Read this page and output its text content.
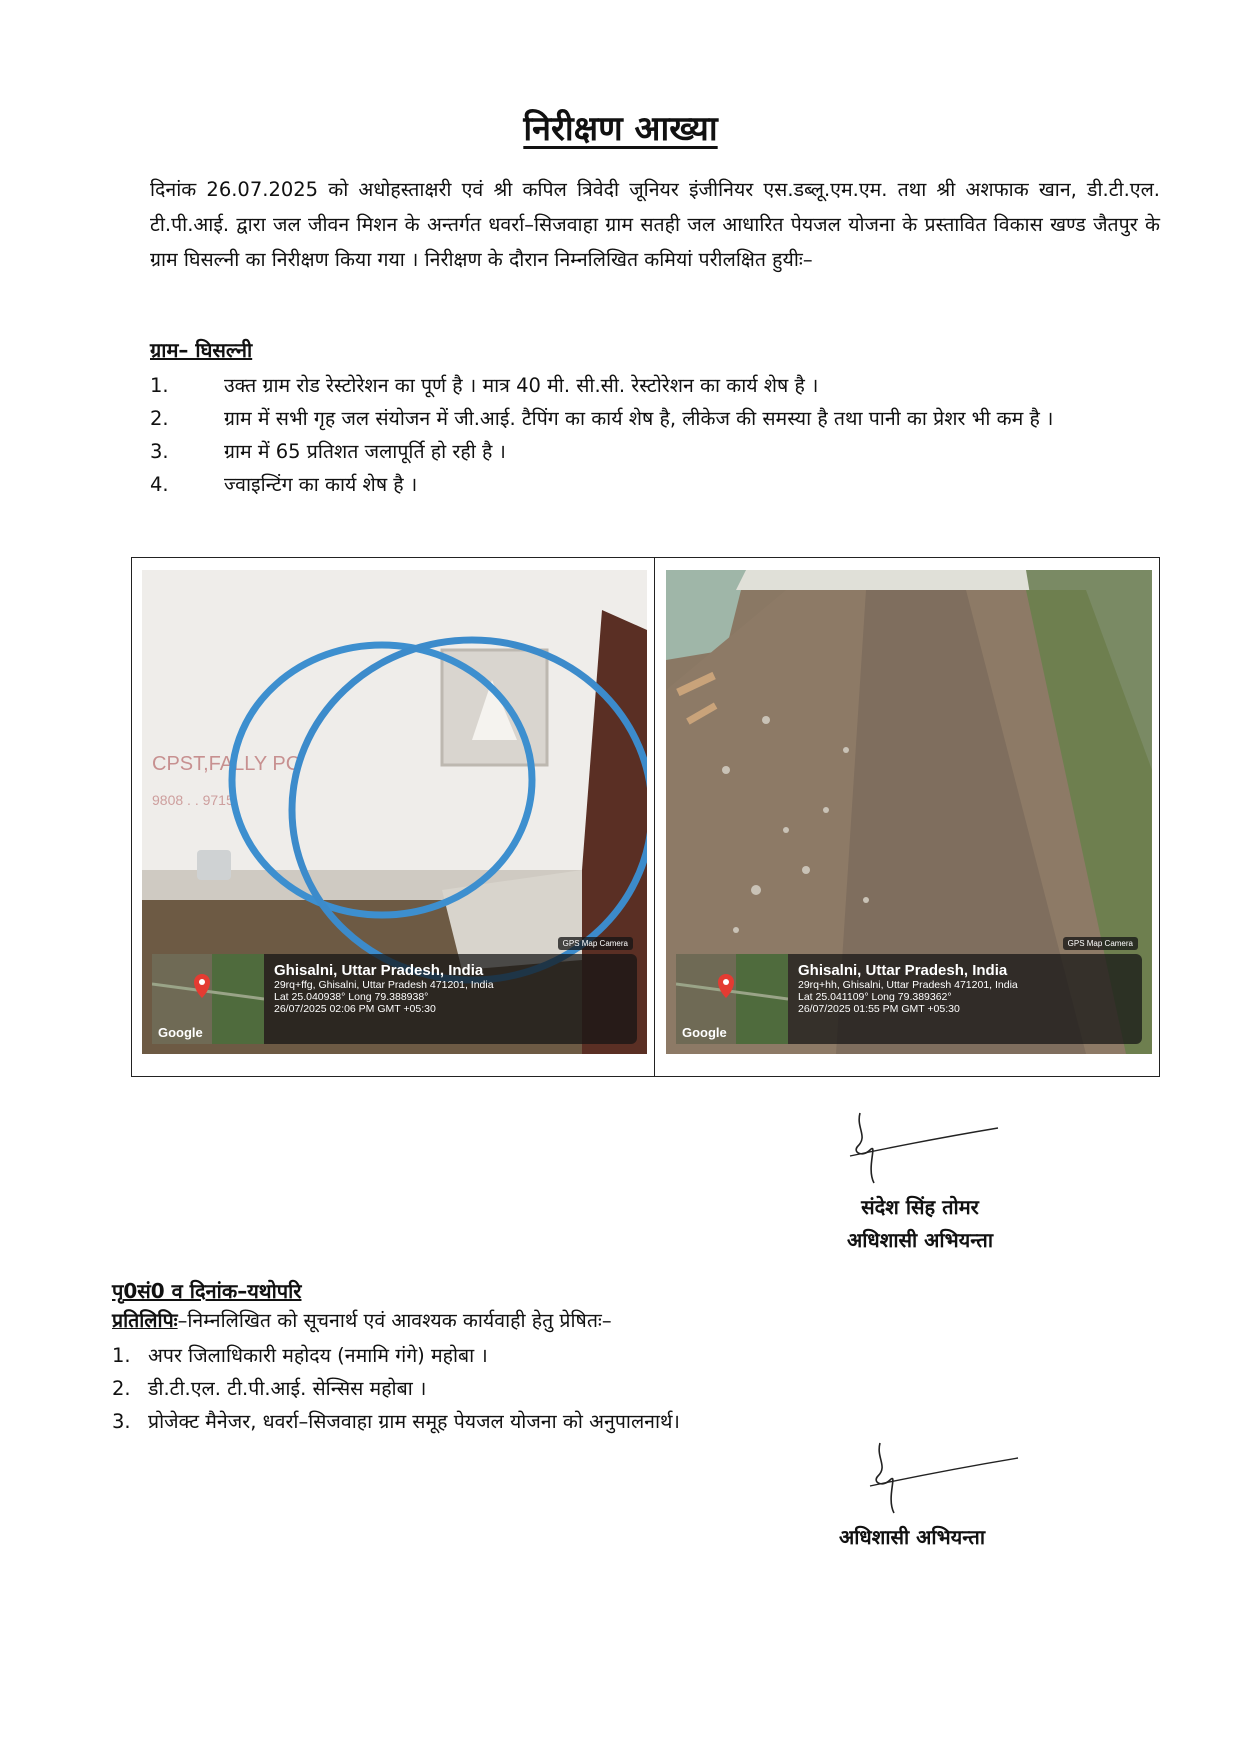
निरीक्षण आख्या
दिनांक 26.07.2025 को अधोहस्ताक्षरी एवं श्री कपिल त्रिवेदी जूनियर इंजीनियर एस.डब्लू.एम.एम. तथा श्री अशफाक खान, डी.टी.एल. टी.पी.आई. द्वारा जल जीवन मिशन के अन्तर्गत धवर्रा–सिजवाहा ग्राम सतही जल आधारित पेयजल योजना के प्रस्तावित विकास खण्ड जैतपुर के ग्राम घिसल्नी का निरीक्षण किया गया । निरीक्षण के दौरान निम्नलिखित कमियां परीलक्षित हुयीः–
ग्राम– घिसल्नी
1.	उक्त ग्राम रोड रेस्टोरेशन का पूर्ण है । मात्र 40 मी. सी.सी. रेस्टोरेशन का कार्य शेष है ।
2.	ग्राम में सभी गृह जल संयोजन में जी.आई. टैपिंग का कार्य शेष है, लीकेज की समस्या है तथा पानी का प्रेशर भी कम है ।
3.	ग्राम में 65 प्रतिशत जलापूर्ति हो रही है ।
4.	ज्वाइन्टिंग का कार्य शेष है ।
CPST,FALLY PC
9808 . . 9715
GPS Map Camera
Google
Ghisalni, Uttar Pradesh, India
29rq+ffg, Ghisalni, Uttar Pradesh 471201, India
Lat 25.040938° Long 79.388938°
26/07/2025 02:06 PM GMT +05:30
GPS Map Camera
Google
Ghisalni, Uttar Pradesh, India
29rq+hh, Ghisalni, Uttar Pradesh 471201, India
Lat 25.041109° Long 79.389362°
26/07/2025 01:55 PM GMT +05:30
संदेश सिंह तोमर
अधिशासी अभियन्ता
पृ0सं0 व दिनांक–यथोपरि
प्रतिलिपिः–निम्नलिखित को सूचनार्थ एवं आवश्यक कार्यवाही हेतु प्रेषितः–
1. अपर जिलाधिकारी महोदय (नमामि गंगे) महोबा ।
2. डी.टी.एल. टी.पी.आई. सेन्सिस महोबा ।
3. प्रोजेक्ट मैनेजर, धवर्रा–सिजवाहा ग्राम समूह पेयजल योजना को अनुपालनार्थ।
अधिशासी अभियन्ता
